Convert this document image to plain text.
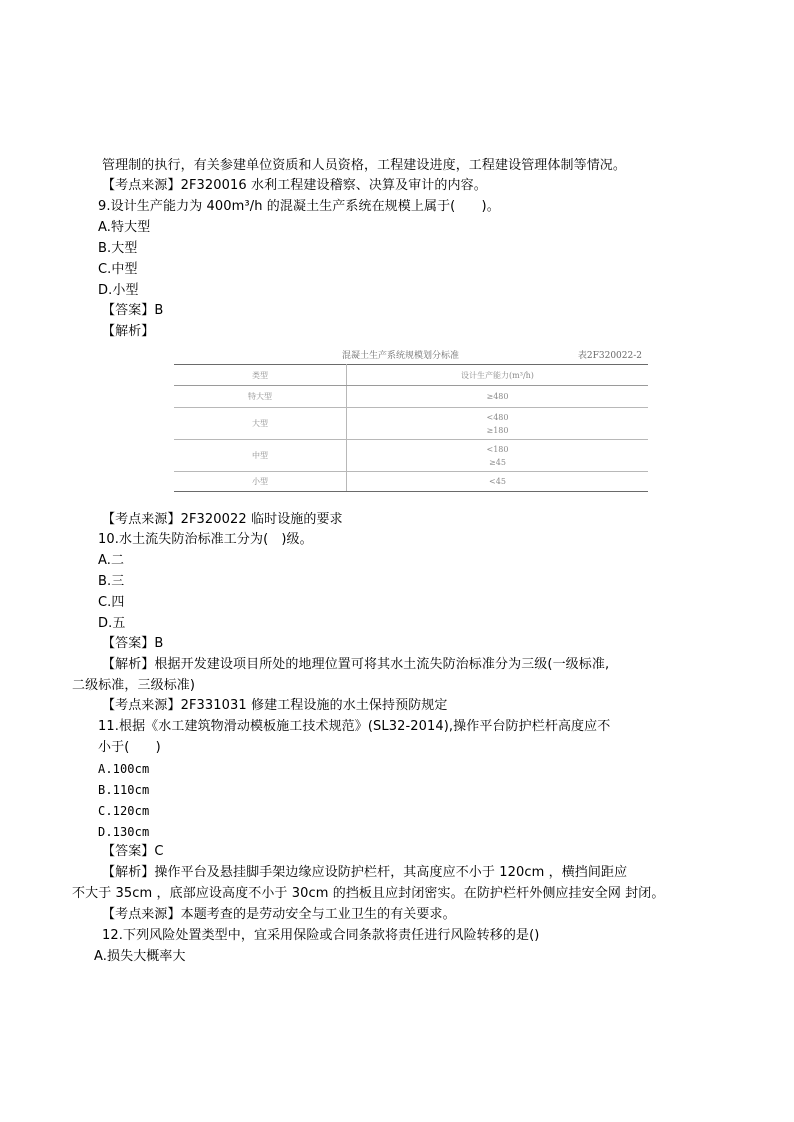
管理制的执行，有关参建单位资质和人员资格，工程建设进度，工程建设管理体制等情况。
【考点来源】2F320016 水利工程建设稽察、决算及审计的内容。
9.设计生产能力为 400m³/h 的混凝土生产系统在规模上属于(　　)。
A.特大型
B.大型
C.中型
D.小型
【答案】B
【解析】
混凝土生产系统规模划分标准	表2F320022-2
类型	设计生产能力(m³/h)
特大型	≥480

大型	<480
≥180

中型	<180
≥45

小型	<45
【考点来源】2F320022 临时设施的要求
10.水土流失防治标准工分为(　)级。
A.二
B.三
C.四
D.五
【答案】B
【解析】根据开发建设项目所处的地理位置可将其水土流失防治标准分为三级(一级标准,
二级标准，三级标准)
【考点来源】2F331031 修建工程设施的水土保持预防规定
11.根据《水工建筑物滑动模板施工技术规范》(SL32-2014),操作平台防护栏杆高度应不
小于(　　)
A.100cm
B.110cm
C.120cm
D.130cm
【答案】C
【解析】操作平台及悬挂脚手架边缘应设防护栏杆，其高度应不小于 120cm ，横挡间距应
不大于 35cm ，底部应设高度不小于 30cm 的挡板且应封闭密实。在防护栏杆外侧应挂安全网 封闭。
【考点来源】本题考查的是劳动安全与工业卫生的有关要求。
12.下列风险处置类型中，宜采用保险或合同条款将责任进行风险转移的是()
A.损失大概率大
